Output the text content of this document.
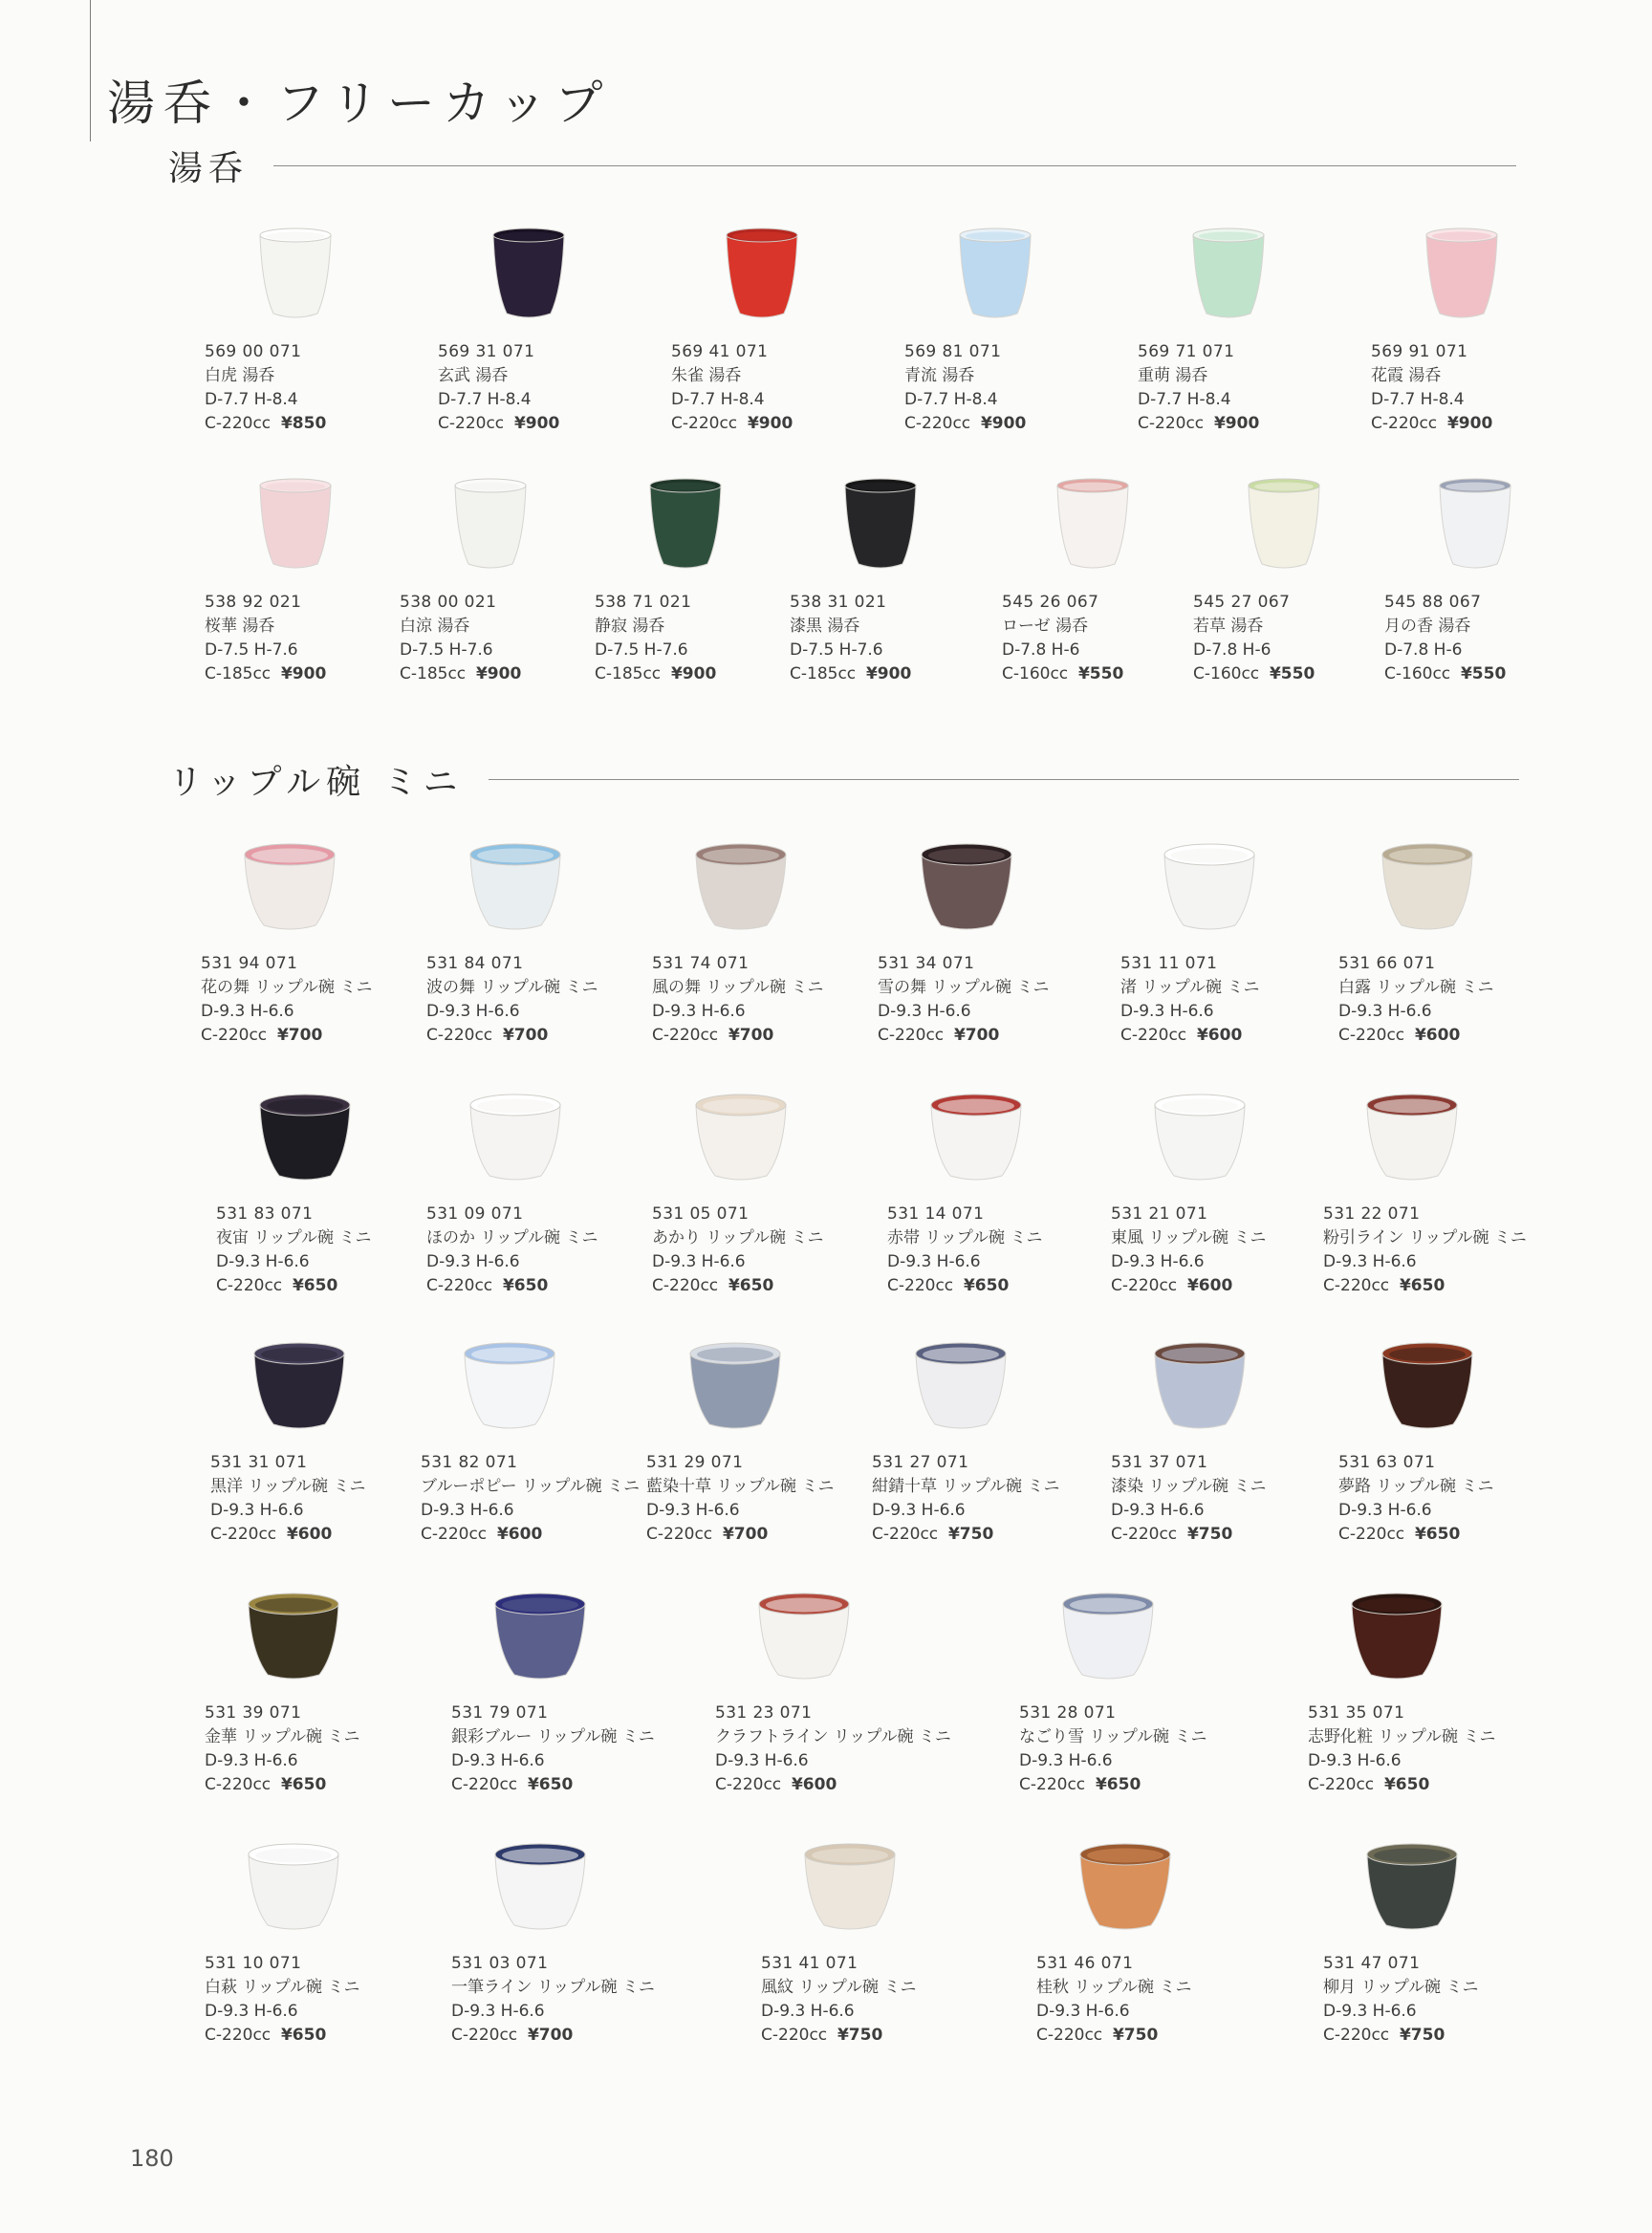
湯呑・フリーカップ
湯呑
569 00 071
白虎 湯呑
D-7.7 H-8.4
C-220cc ¥850
569 31 071
玄武 湯呑
D-7.7 H-8.4
C-220cc ¥900
569 41 071
朱雀 湯呑
D-7.7 H-8.4
C-220cc ¥900
569 81 071
青流 湯呑
D-7.7 H-8.4
C-220cc ¥900
569 71 071
重萌 湯呑
D-7.7 H-8.4
C-220cc ¥900
569 91 071
花霞 湯呑
D-7.7 H-8.4
C-220cc ¥900
538 92 021
桜華 湯呑
D-7.5 H-7.6
C-185cc ¥900
538 00 021
白涼 湯呑
D-7.5 H-7.6
C-185cc ¥900
538 71 021
静寂 湯呑
D-7.5 H-7.6
C-185cc ¥900
538 31 021
漆黒 湯呑
D-7.5 H-7.6
C-185cc ¥900
545 26 067
ローゼ 湯呑
D-7.8 H-6
C-160cc ¥550
545 27 067
若草 湯呑
D-7.8 H-6
C-160cc ¥550
545 88 067
月の香 湯呑
D-7.8 H-6
C-160cc ¥550
リップル碗 ミニ
531 94 071
花の舞 リップル碗 ミニ
D-9.3 H-6.6
C-220cc ¥700
531 84 071
波の舞 リップル碗 ミニ
D-9.3 H-6.6
C-220cc ¥700
531 74 071
風の舞 リップル碗 ミニ
D-9.3 H-6.6
C-220cc ¥700
531 34 071
雪の舞 リップル碗 ミニ
D-9.3 H-6.6
C-220cc ¥700
531 11 071
渚 リップル碗 ミニ
D-9.3 H-6.6
C-220cc ¥600
531 66 071
白露 リップル碗 ミニ
D-9.3 H-6.6
C-220cc ¥600
531 83 071
夜宙 リップル碗 ミニ
D-9.3 H-6.6
C-220cc ¥650
531 09 071
ほのか リップル碗 ミニ
D-9.3 H-6.6
C-220cc ¥650
531 05 071
あかり リップル碗 ミニ
D-9.3 H-6.6
C-220cc ¥650
531 14 071
赤帯 リップル碗 ミニ
D-9.3 H-6.6
C-220cc ¥650
531 21 071
東風 リップル碗 ミニ
D-9.3 H-6.6
C-220cc ¥600
531 22 071
粉引ライン リップル碗 ミニ
D-9.3 H-6.6
C-220cc ¥650
531 31 071
黒洋 リップル碗 ミニ
D-9.3 H-6.6
C-220cc ¥600
531 82 071
ブルーポピー リップル碗 ミニ
D-9.3 H-6.6
C-220cc ¥600
531 29 071
藍染十草 リップル碗 ミニ
D-9.3 H-6.6
C-220cc ¥700
531 27 071
紺錆十草 リップル碗 ミニ
D-9.3 H-6.6
C-220cc ¥750
531 37 071
漆染 リップル碗 ミニ
D-9.3 H-6.6
C-220cc ¥750
531 63 071
夢路 リップル碗 ミニ
D-9.3 H-6.6
C-220cc ¥650
531 39 071
金華 リップル碗 ミニ
D-9.3 H-6.6
C-220cc ¥650
531 79 071
銀彩ブルー リップル碗 ミニ
D-9.3 H-6.6
C-220cc ¥650
531 23 071
クラフトライン リップル碗 ミニ
D-9.3 H-6.6
C-220cc ¥600
531 28 071
なごり雪 リップル碗 ミニ
D-9.3 H-6.6
C-220cc ¥650
531 35 071
志野化粧 リップル碗 ミニ
D-9.3 H-6.6
C-220cc ¥650
531 10 071
白萩 リップル碗 ミニ
D-9.3 H-6.6
C-220cc ¥650
531 03 071
一筆ライン リップル碗 ミニ
D-9.3 H-6.6
C-220cc ¥700
531 41 071
風紋 リップル碗 ミニ
D-9.3 H-6.6
C-220cc ¥750
531 46 071
桂秋 リップル碗 ミニ
D-9.3 H-6.6
C-220cc ¥750
531 47 071
柳月 リップル碗 ミニ
D-9.3 H-6.6
C-220cc ¥750
180
